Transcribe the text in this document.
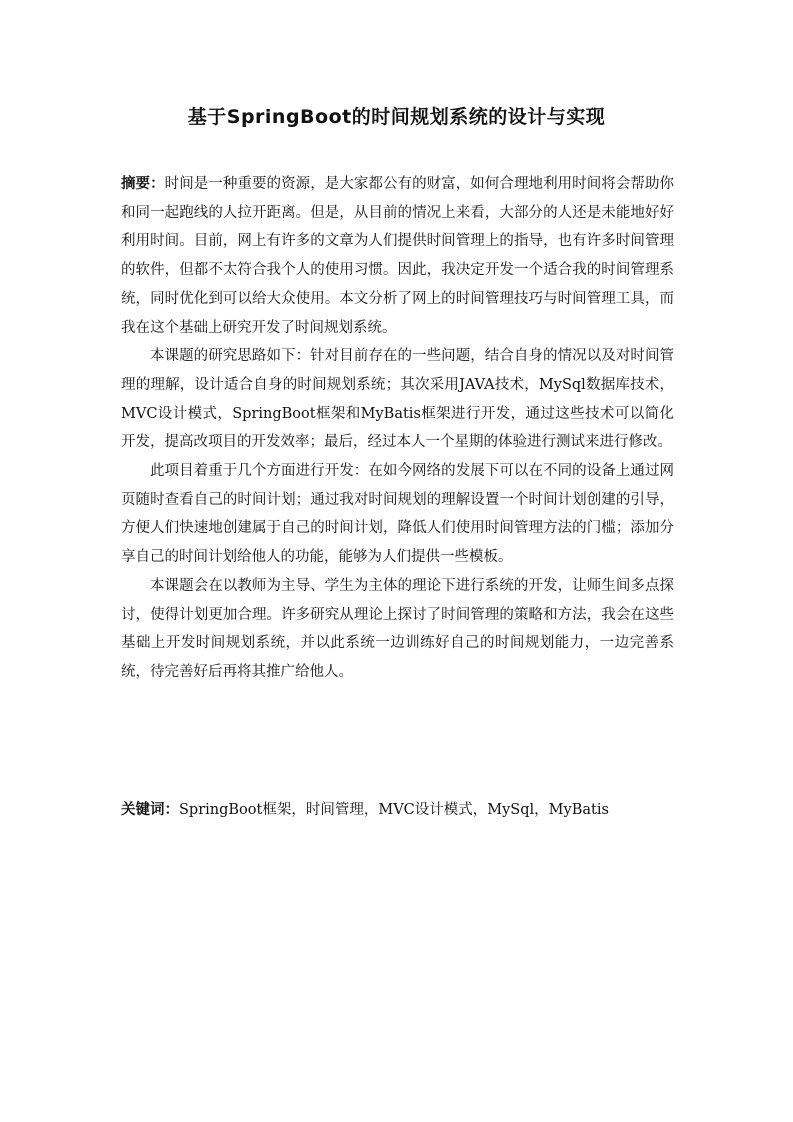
基于SpringBoot的时间规划系统的设计与实现

摘要：时间是一种重要的资源，是大家都公有的财富，如何合理地利用时间将会帮助你和同一起跑线的人拉开距离。但是，从目前的情况上来看，大部分的人还是未能地好好利用时间。目前，网上有许多的文章为人们提供时间管理上的指导，也有许多时间管理的软件，但都不太符合我个人的使用习惯。因此，我决定开发一个适合我的时间管理系统，同时优化到可以给大众使用。本文分析了网上的时间管理技巧与时间管理工具，而我在这个基础上研究开发了时间规划系统。

本课题的研究思路如下：针对目前存在的一些问题，结合自身的情况以及对时间管理的理解，设计适合自身的时间规划系统；其次采用JAVA技术，MySql数据库技术，MVC设计模式，SpringBoot框架和MyBatis框架进行开发，通过这些技术可以简化开发，提高改项目的开发效率；最后，经过本人一个星期的体验进行测试来进行修改。

此项目着重于几个方面进行开发：在如今网络的发展下可以在不同的设备上通过网页随时查看自己的时间计划；通过我对时间规划的理解设置一个时间计划创建的引导，方便人们快速地创建属于自己的时间计划，降低人们使用时间管理方法的门槛；添加分享自己的时间计划给他人的功能，能够为人们提供一些模板。

本课题会在以教师为主导、学生为主体的理论下进行系统的开发，让师生间多点探讨，使得计划更加合理。许多研究从理论上探讨了时间管理的策略和方法，我会在这些基础上开发时间规划系统，并以此系统一边训练好自己的时间规划能力，一边完善系统，待完善好后再将其推广给他人。

关键词：SpringBoot框架，时间管理，MVC设计模式，MySql，MyBatis
